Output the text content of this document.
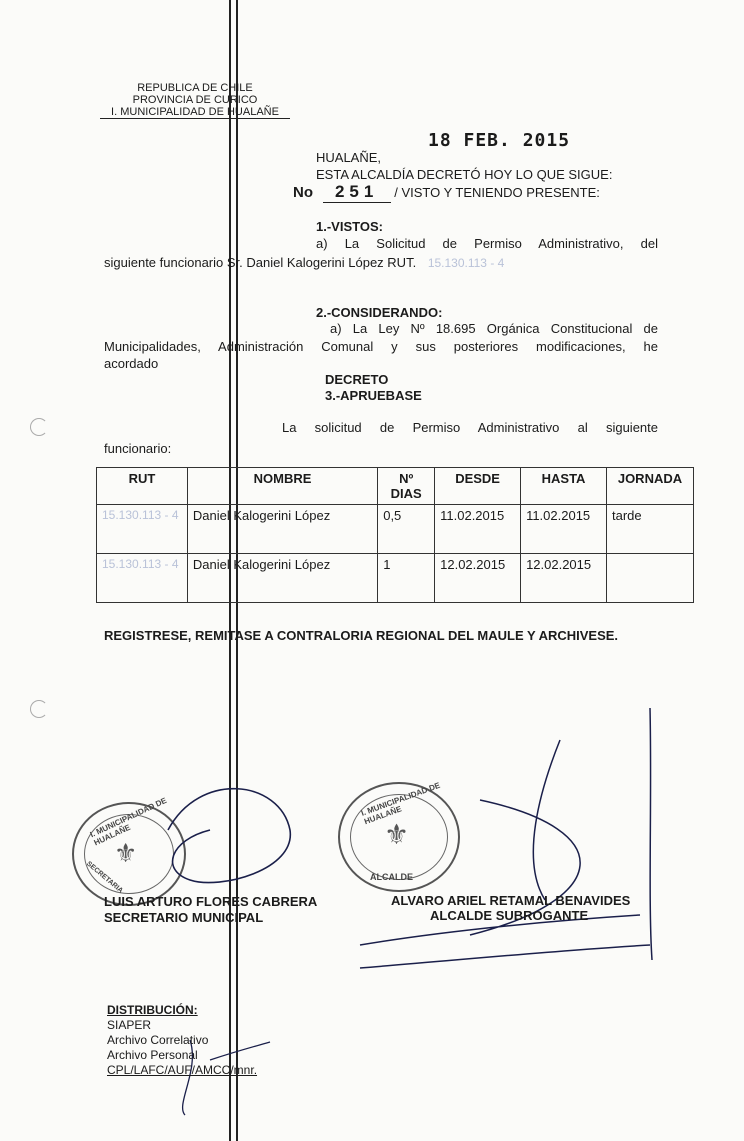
REPUBLICA DE CHILE
PROVINCIA DE CURICO
I. MUNICIPALIDAD DE HUALAÑE
18 FEB. 2015
HUALAÑE,
ESTA ALCALDÍA DECRETÓ HOY LO QUE SIGUE:
No 251 / VISTO Y TENIENDO PRESENTE:
1.-VISTOS:
a) La Solicitud de Permiso Administrativo, del
siguiente funcionario Sr. Daniel Kalogerini López RUT. 15.130.113 - 4
2.-CONSIDERANDO:
a) La Ley Nº 18.695 Orgánica Constitucional de
Municipalidades, Administración Comunal y sus posteriores modificaciones, he
acordado
DECRETO
3.-APRUEBASE
La solicitud de Permiso Administrativo al siguiente
funcionario:
RUT	NOMBRE	Nº DIAS	DESDE	HASTA	JORNADA
15.130.113 - 4	Daniel Kalogerini López	0,5	11.02.2015	11.02.2015	tarde
15.130.113 - 4	Daniel Kalogerini López	1	12.02.2015	12.02.2015	
REGISTRESE, REMITASE A CONTRALORIA REGIONAL DEL MAULE Y ARCHIVESE.
I. MUNICIPALIDAD DE HUALAÑE
SECRETARIA
⚜
I. MUNICIPALIDAD DE HUALAÑE
ALCALDE
⚜
LUIS ARTURO FLORES CABRERA
SECRETARIO MUNICIPAL
ALVARO ARIEL RETAMAL BENAVIDES
ALCALDE SUBROGANTE
DISTRIBUCIÓN:
SIAPER
Archivo Correlativo
Archivo Personal
CPL/LAFC/AUF/AMCC/mnr.
